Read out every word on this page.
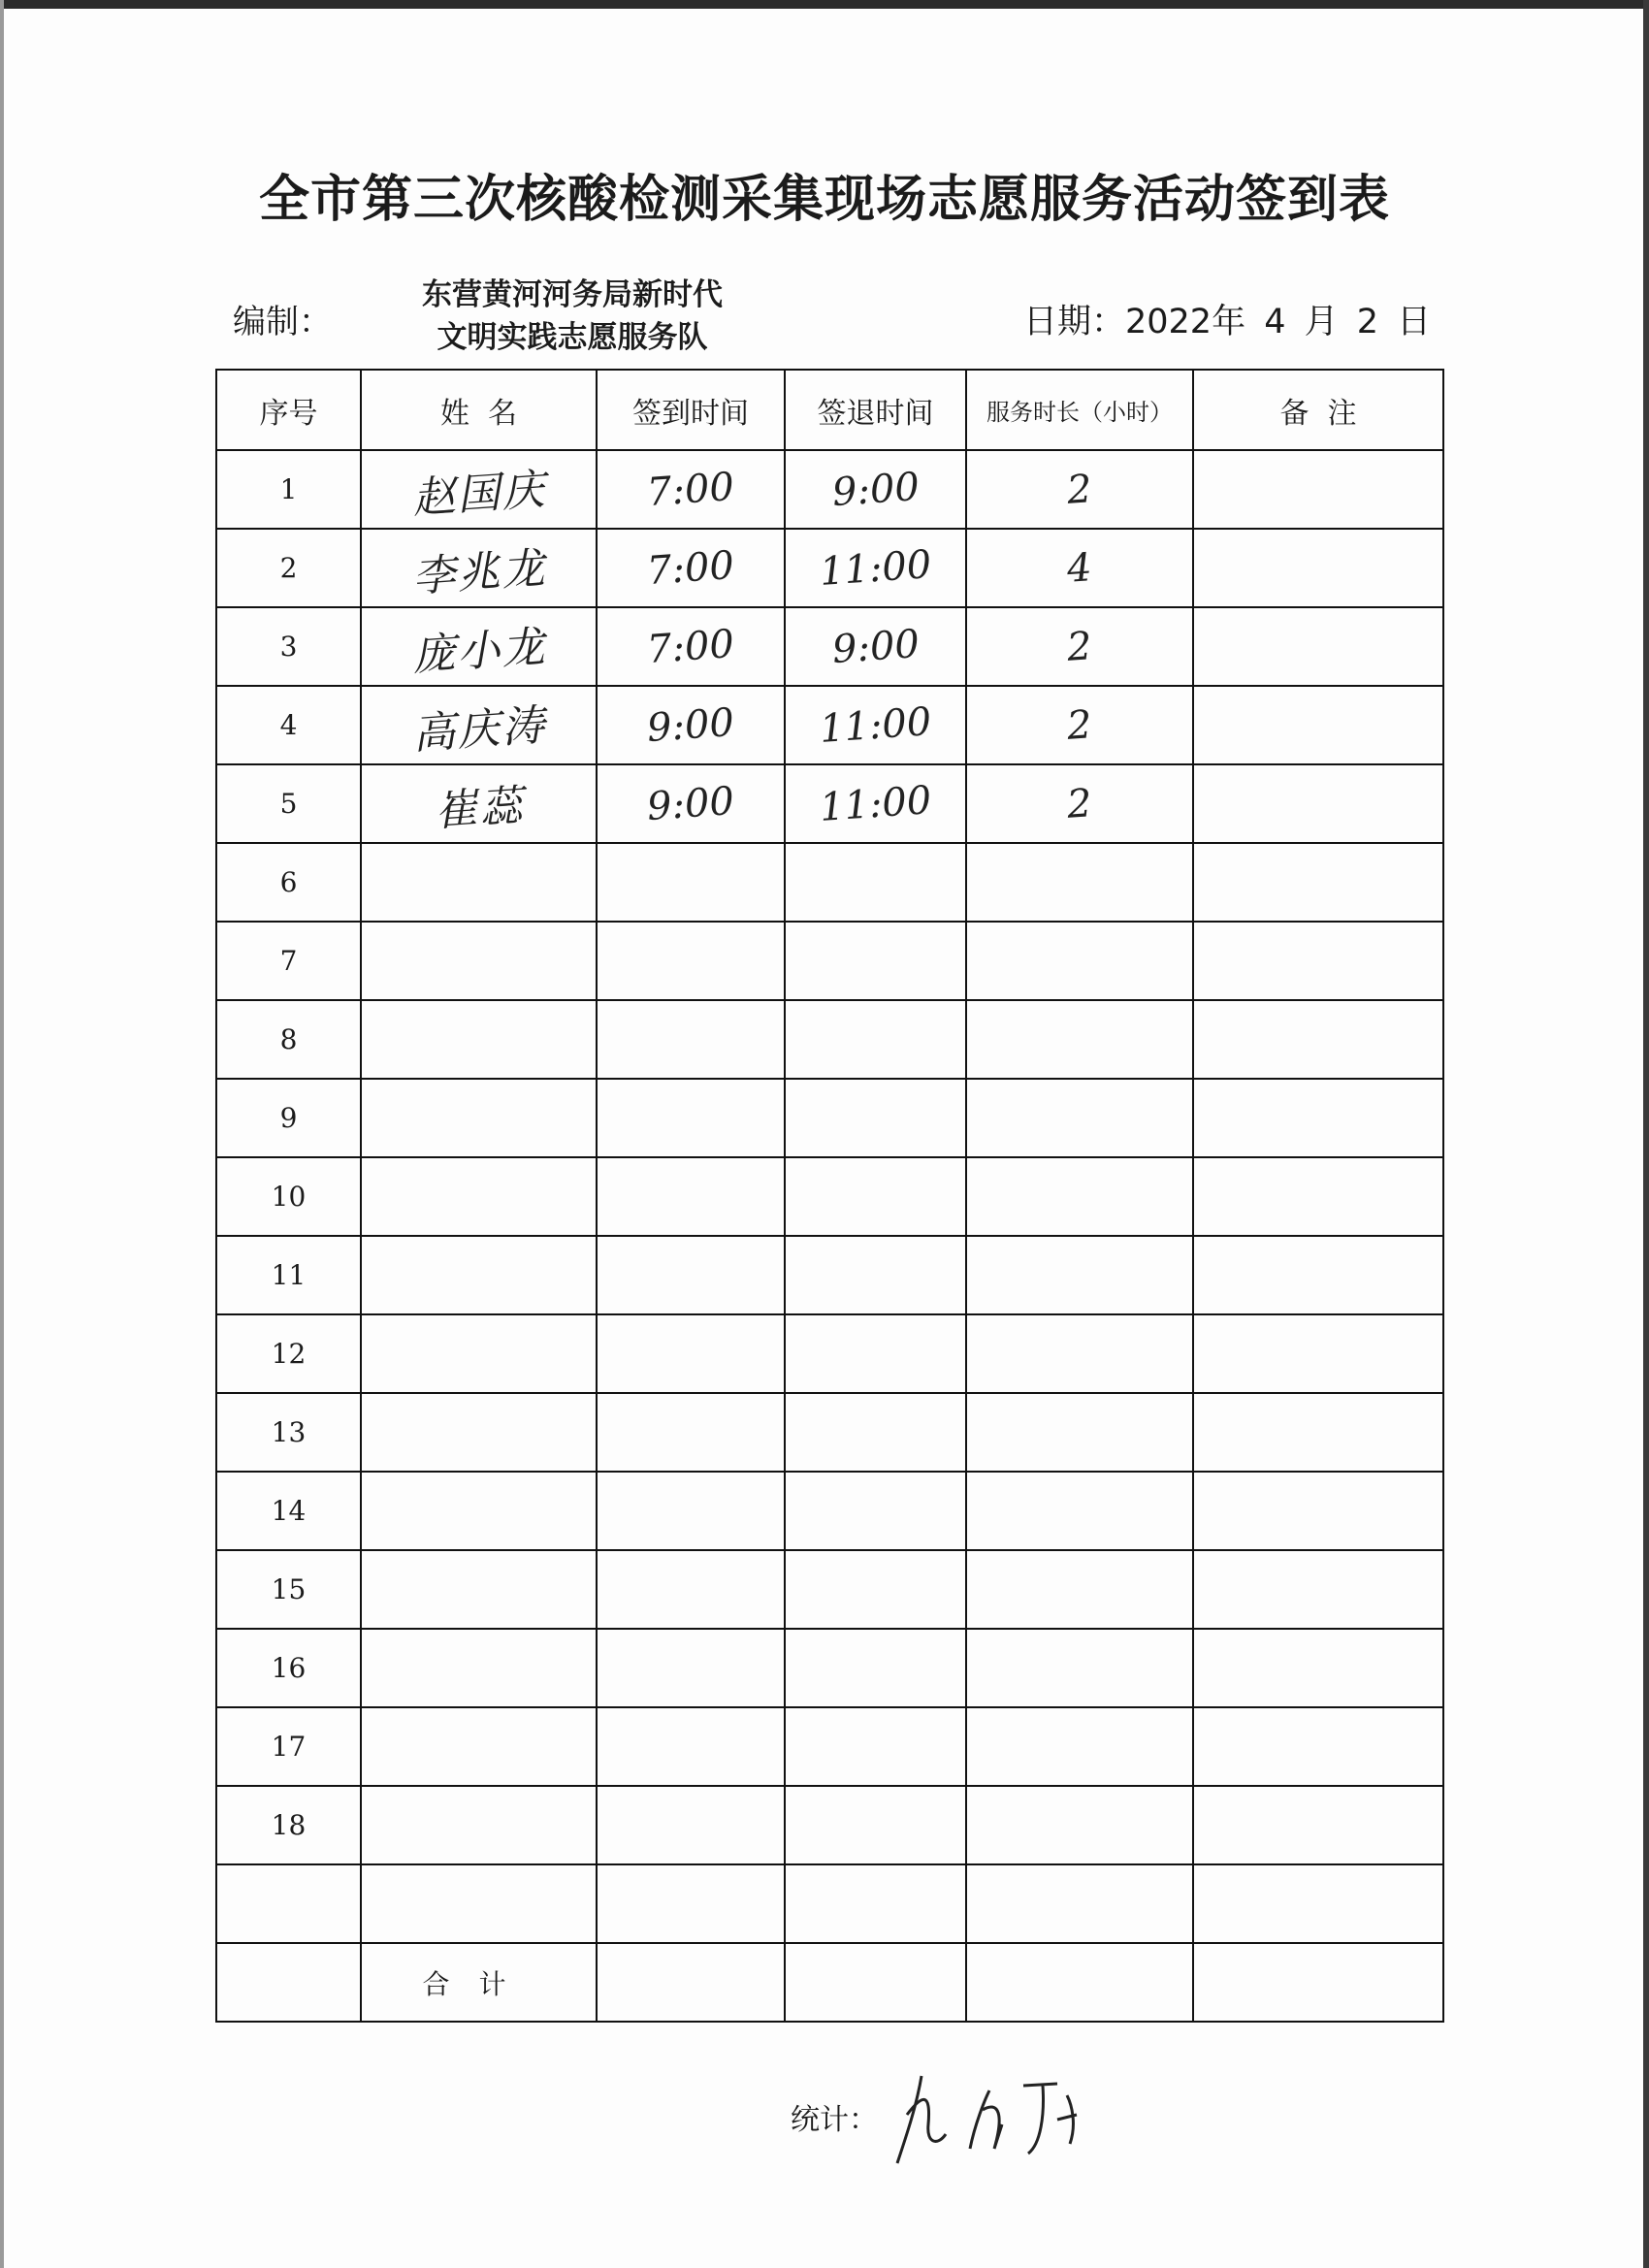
全市第三次核酸检测采集现场志愿服务活动签到表
编制：
东营黄河河务局新时代
文明实践志愿服务队	日期：2022年 4 月 2 日
序号	姓  名	签到时间	签退时间	服务时长（小时）	备  注
1	赵国庆	7:00	9:00	2	
2	李兆龙	7:00	11:00	4	
3	庞小龙	7:00	9:00	2	
4	高庆涛	9:00	11:00	2	
5	崔蕊	9:00	11:00	2	
6					
7					
8					
9					
10					
11					
12					
13					
14					
15					
16					
17					
18					

	合计				
统计：
